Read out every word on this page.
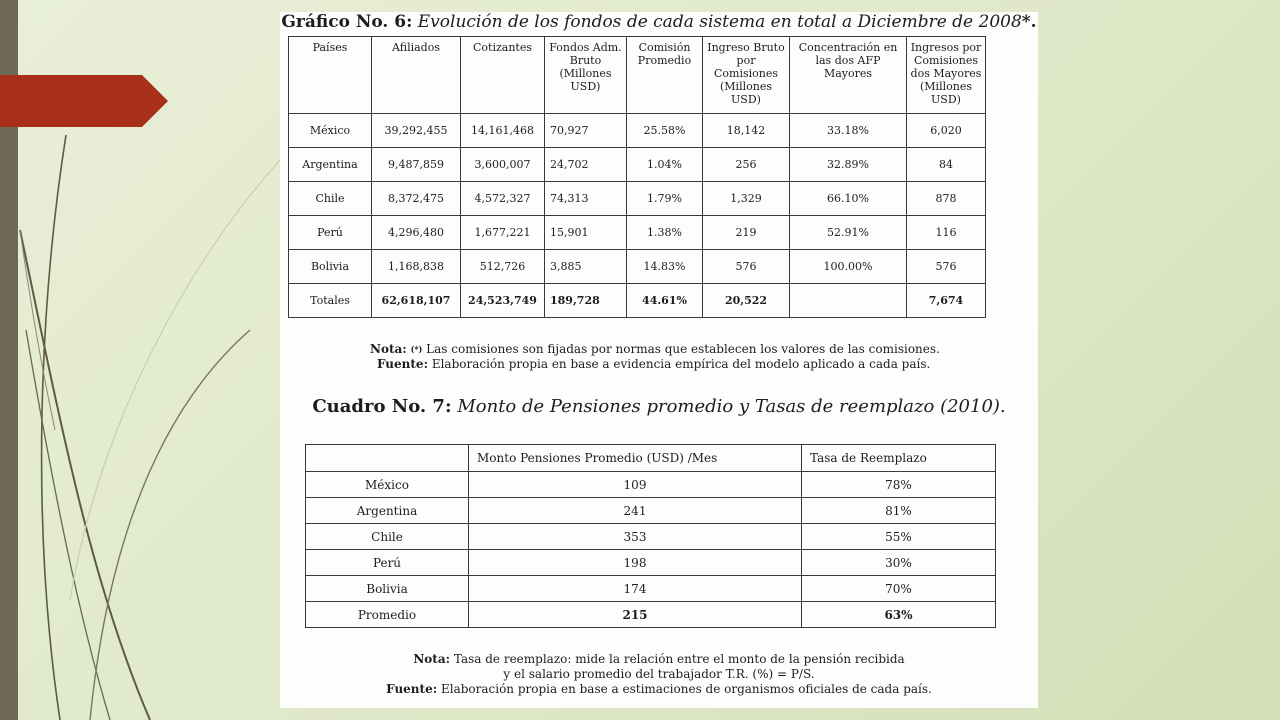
Gráfico No. 6: Evolución de los fondos de cada sistema en total a Diciembre de 2008*.
Países	Afiliados	Cotizantes	Fondos Adm. Bruto (Millones USD)	Comisión Promedio	Ingreso Bruto por Comisiones (Millones USD)	Concentración en las dos AFP Mayores	Ingresos por Comisiones dos Mayores (Millones USD)
México	39,292,455	14,161,468	70,927	25.58%	18,142	33.18%	6,020
Argentina	9,487,859	3,600,007	24,702	1.04%	256	32.89%	84
Chile	8,372,475	4,572,327	74,313	1.79%	1,329	66.10%	878
Perú	4,296,480	1,677,221	15,901	1.38%	219	52.91%	116
Bolivia	1,168,838	512,726	3,885	14.83%	576	100.00%	576
Totales	62,618,107	24,523,749	189,728	44.61%	20,522		7,674
Nota: (*) Las comisiones son fijadas por normas que establecen los valores de las comisiones.
Fuente: Elaboración propia en base a evidencia empírica del modelo aplicado a cada país.
Cuadro No. 7: Monto de Pensiones promedio y Tasas de reemplazo (2010).
	Monto Pensiones Promedio (USD) /Mes	Tasa de Reemplazo
México	109	78%
Argentina	241	81%
Chile	353	55%
Perú	198	30%
Bolivia	174	70%
Promedio	215	63%
Nota: Tasa de reemplazo: mide la relación entre el monto de la pensión recibida
y el salario promedio del trabajador T.R. (%) = P/S.
Fuente: Elaboración propia en base a estimaciones de organismos oficiales de cada país.
